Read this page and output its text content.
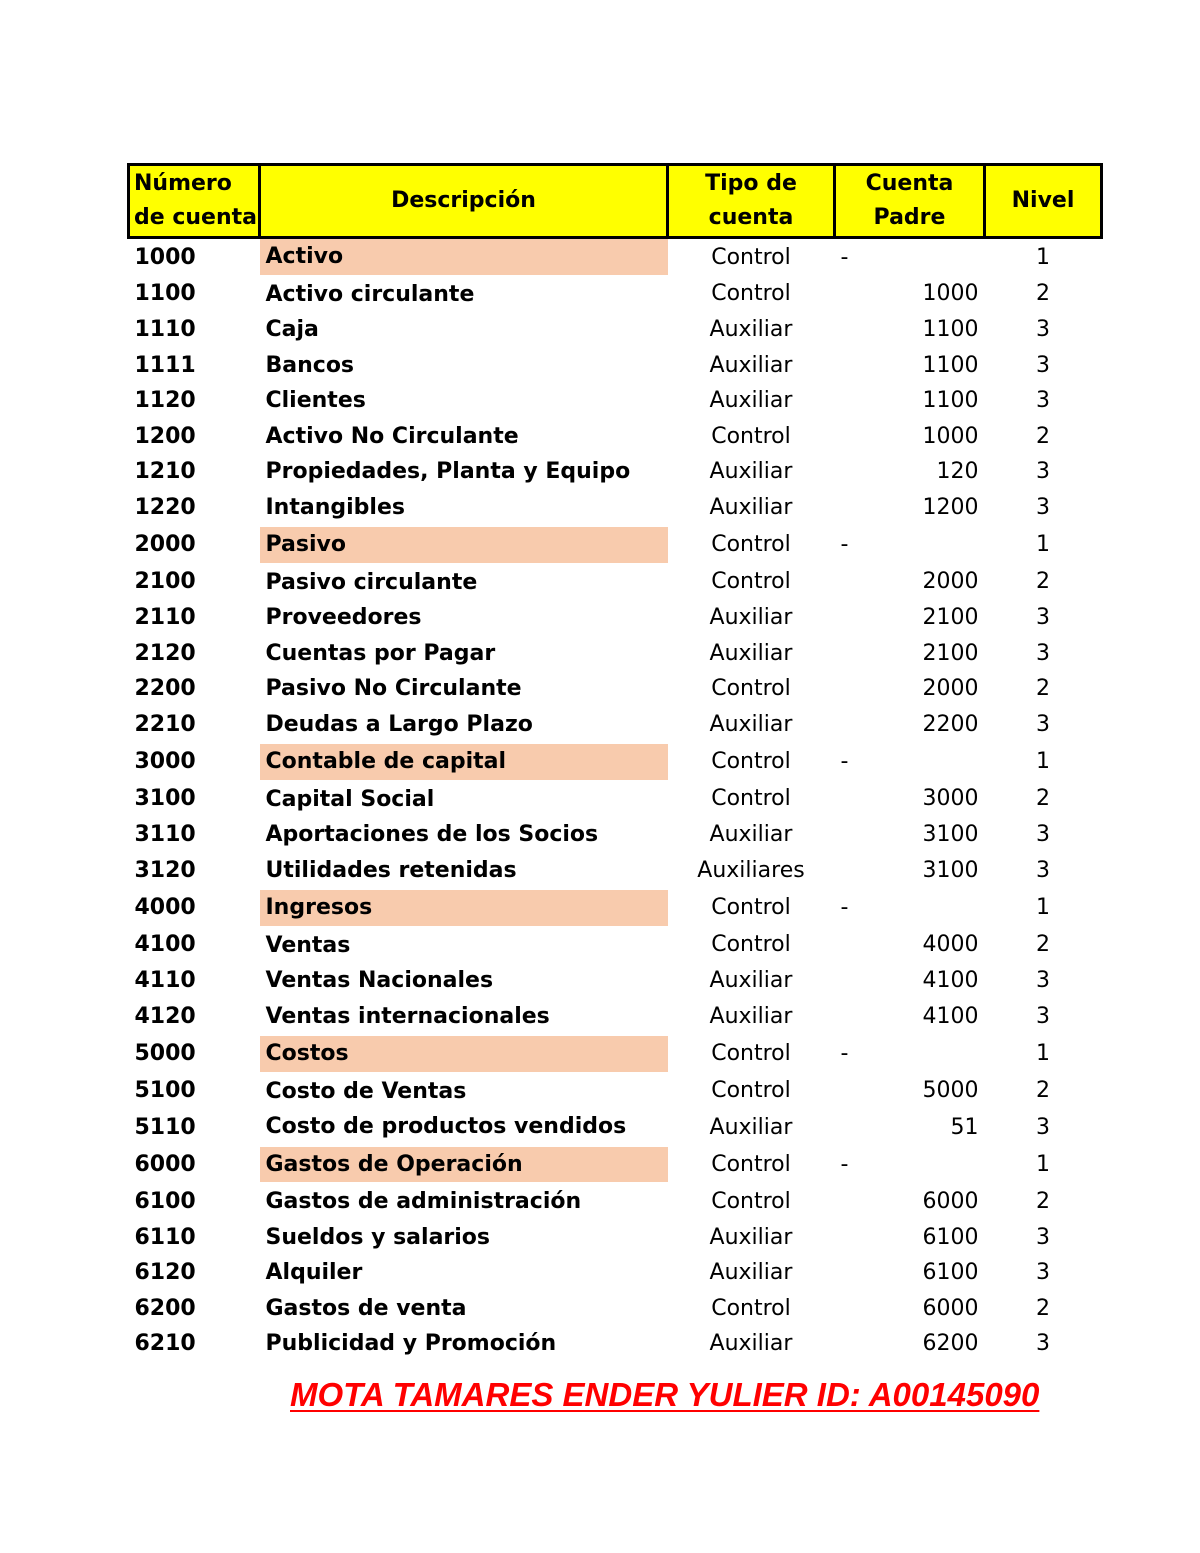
Número de cuenta	Descripción	Tipo de cuenta	Cuenta Padre	Nivel
1000	Activo	Control	-	1
1100	Activo circulante	Control	1000	2
1110	Caja	Auxiliar	1100	3
1111	Bancos	Auxiliar	1100	3
1120	Clientes	Auxiliar	1100	3
1200	Activo No Circulante	Control	1000	2
1210	Propiedades, Planta y Equipo	Auxiliar	120	3
1220	Intangibles	Auxiliar	1200	3
2000	Pasivo	Control	-	1
2100	Pasivo circulante	Control	2000	2
2110	Proveedores	Auxiliar	2100	3
2120	Cuentas por Pagar	Auxiliar	2100	3
2200	Pasivo No Circulante	Control	2000	2
2210	Deudas a Largo Plazo	Auxiliar	2200	3
3000	Contable de capital	Control	-	1
3100	Capital Social	Control	3000	2
3110	Aportaciones de los Socios	Auxiliar	3100	3
3120	Utilidades retenidas	Auxiliares	3100	3
4000	Ingresos	Control	-	1
4100	Ventas	Control	4000	2
4110	Ventas Nacionales	Auxiliar	4100	3
4120	Ventas internacionales	Auxiliar	4100	3
5000	Costos	Control	-	1
5100	Costo de Ventas	Control	5000	2
5110	Costo de productos vendidos	Auxiliar	51	3
6000	Gastos de Operación	Control	-	1
6100	Gastos de administración	Control	6000	2
6110	Sueldos y salarios	Auxiliar	6100	3
6120	Alquiler	Auxiliar	6100	3
6200	Gastos de venta	Control	6000	2
6210	Publicidad y Promoción	Auxiliar	6200	3
MOTA TAMARES ENDER YULIER ID: A00145090
